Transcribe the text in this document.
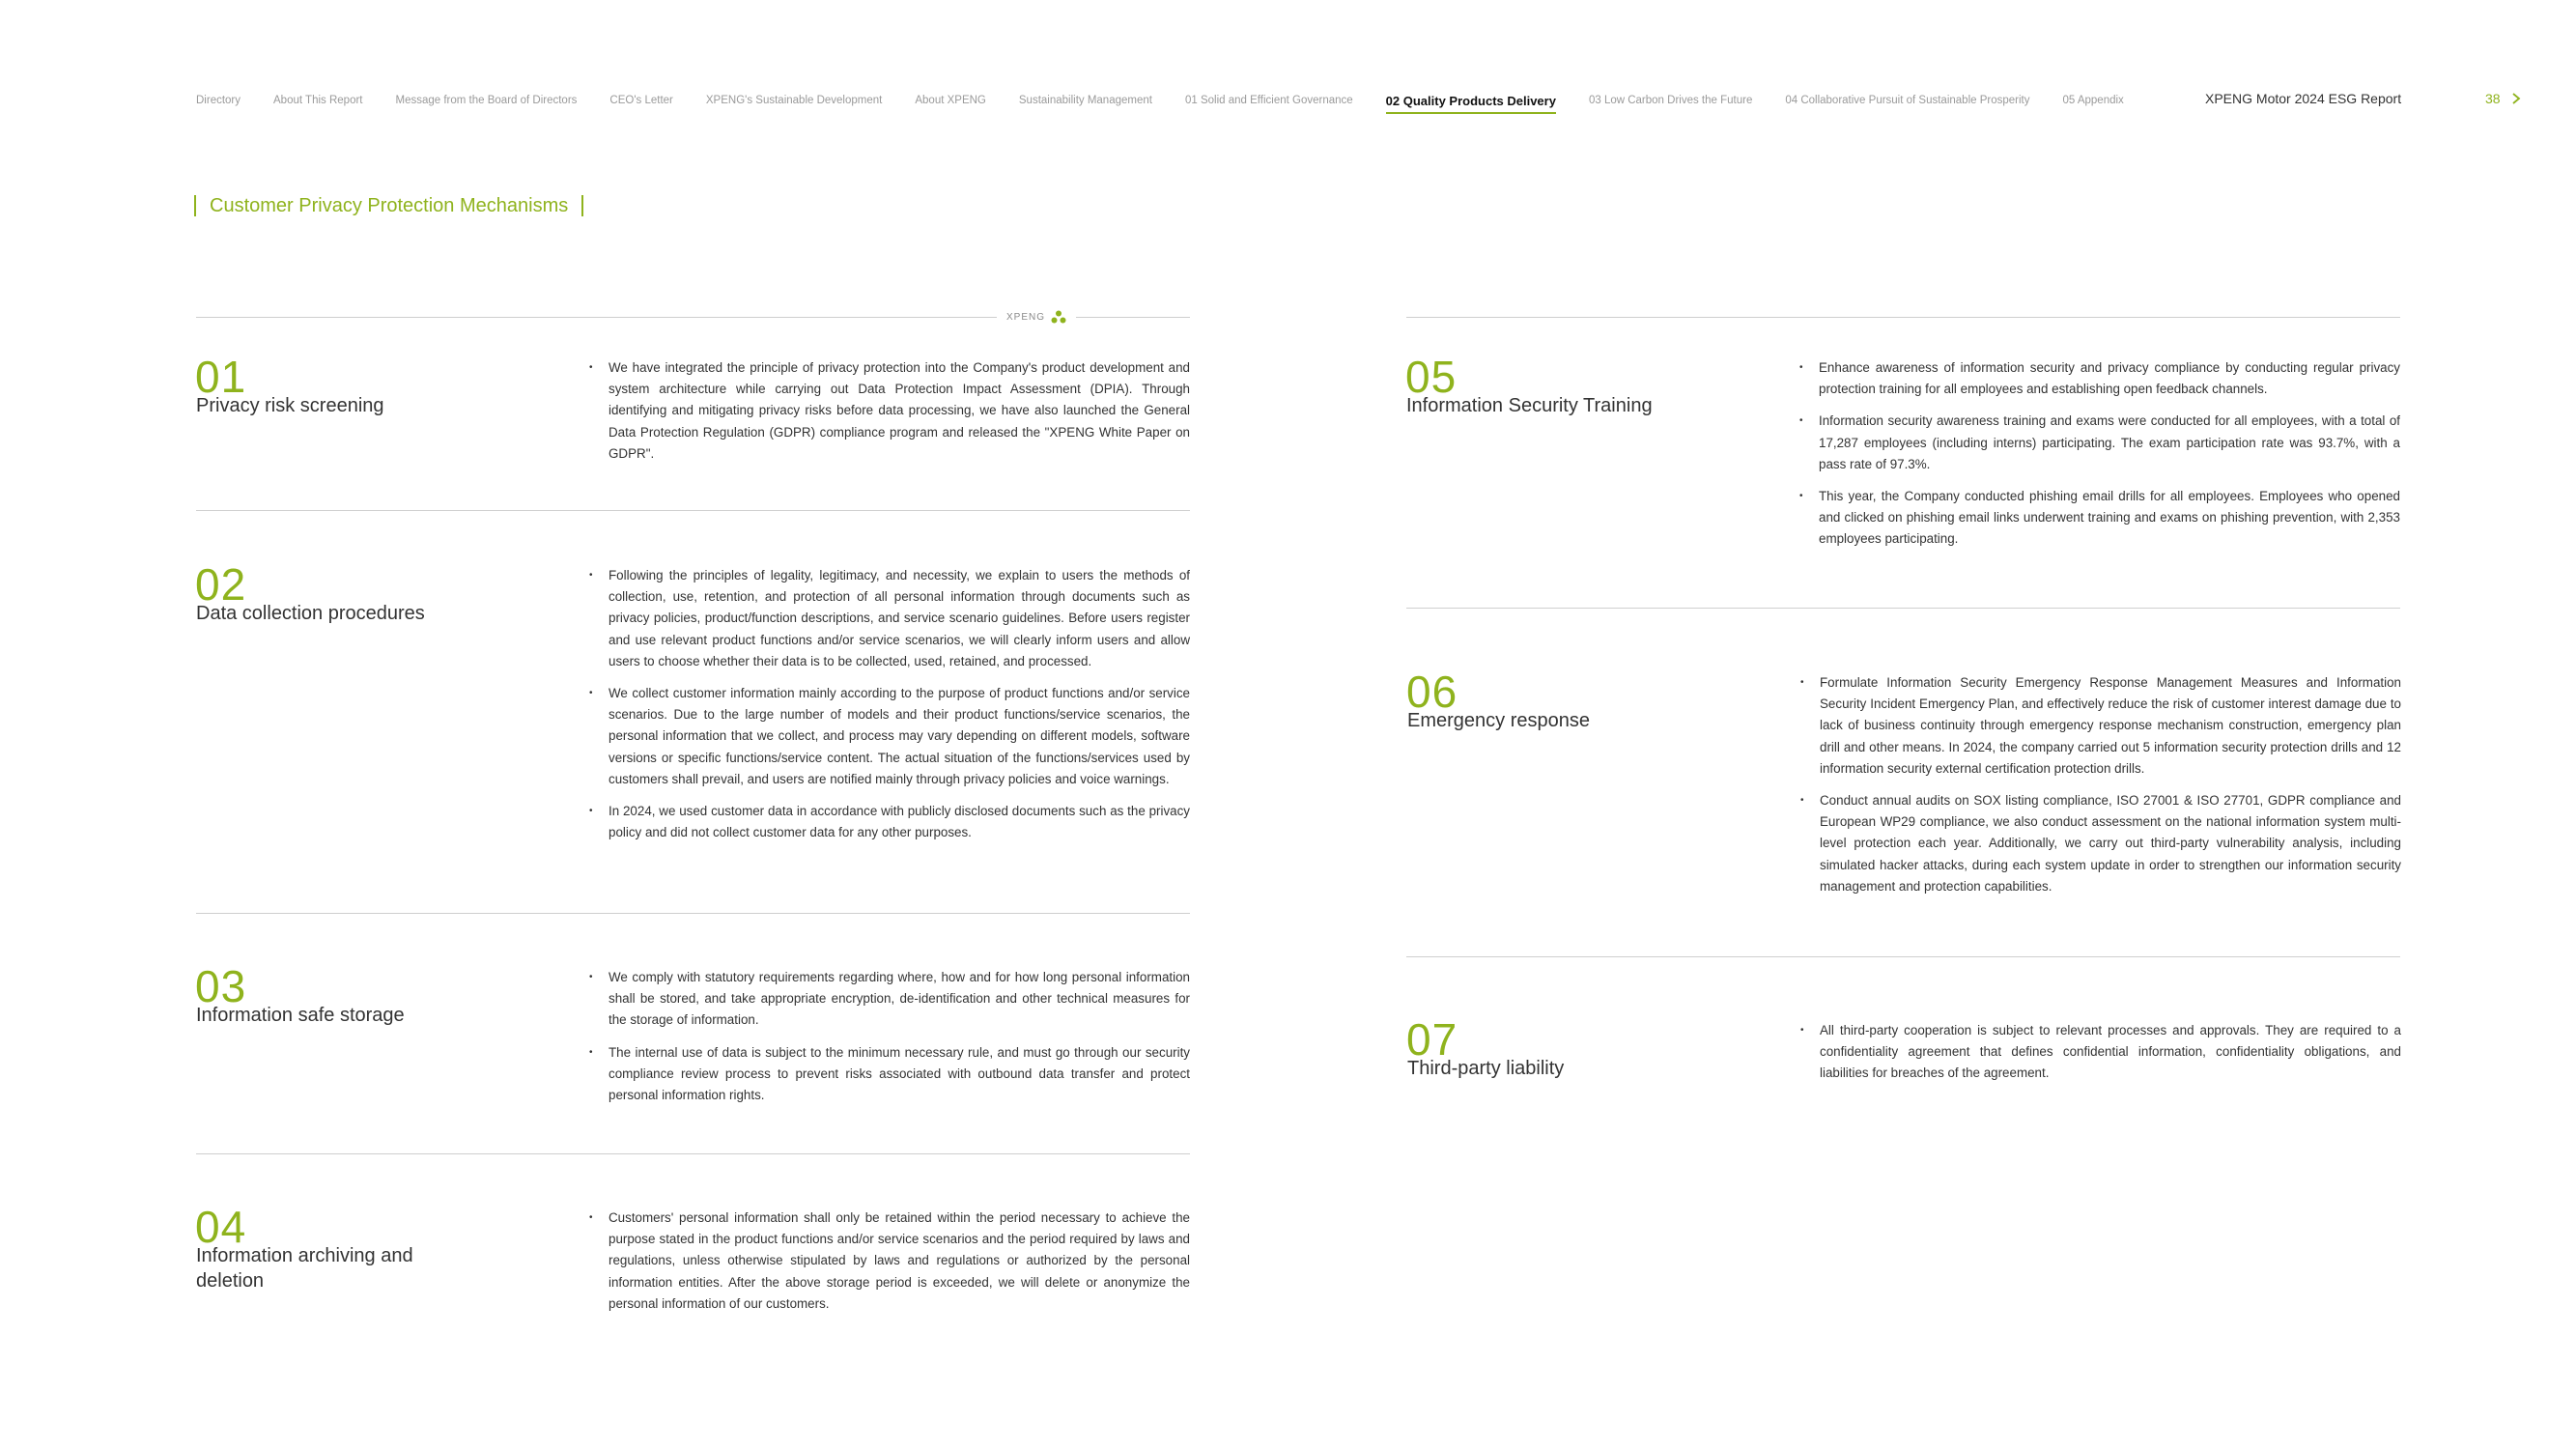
Directory	About This Report	Message from the Board of Directors	CEO's Letter	XPENG's Sustainable Development	About XPENG	Sustainability Management	01 Solid and Efficient Governance	02 Quality Products Delivery	03 Low Carbon Drives the Future	04 Collaborative Pursuit of Sustainable Prosperity	05 Appendix	XPENG Motor 2024 ESG Report	38
Customer Privacy Protection Mechanisms
XPENG
01
Privacy risk screening
• We have integrated the principle of privacy protection into the Company's product development and system architecture while carrying out Data Protection Impact Assessment (DPIA). Through identifying and mitigating privacy risks before data processing, we have also launched the General Data Protection Regulation (GDPR) compliance program and released the "XPENG White Paper on GDPR".
02
Data collection procedures
• Following the principles of legality, legitimacy, and necessity, we explain to users the methods of collection, use, retention, and protection of all personal information through documents such as privacy policies, product/function descriptions, and service scenario guidelines. Before users register and use relevant product functions and/or service scenarios, we will clearly inform users and allow users to choose whether their data is to be collected, used, retained, and processed.
• We collect customer information mainly according to the purpose of product functions and/or service scenarios. Due to the large number of models and their product functions/service scenarios, the personal information that we collect, and process may vary depending on different models, software versions or specific functions/service content. The actual situation of the functions/services used by customers shall prevail, and users are notified mainly through privacy policies and voice warnings.
• In 2024, we used customer data in accordance with publicly disclosed documents such as the privacy policy and did not collect customer data for any other purposes.
03
Information safe storage
• We comply with statutory requirements regarding where, how and for how long personal information shall be stored, and take appropriate encryption, de-identification and other technical measures for the storage of information.
• The internal use of data is subject to the minimum necessary rule, and must go through our security compliance review process to prevent risks associated with outbound data transfer and protect personal information rights.
04
Information archiving and deletion
• Customers' personal information shall only be retained within the period necessary to achieve the purpose stated in the product functions and/or service scenarios and the period required by laws and regulations, unless otherwise stipulated by laws and regulations or authorized by the personal information entities. After the above storage period is exceeded, we will delete or anonymize the personal information of our customers.
05
Information Security Training
• Enhance awareness of information security and privacy compliance by conducting regular privacy protection training for all employees and establishing open feedback channels.
• Information security awareness training and exams were conducted for all employees, with a total of 17,287 employees (including interns) participating. The exam participation rate was 93.7%, with a pass rate of 97.3%.
• This year, the Company conducted phishing email drills for all employees. Employees who opened and clicked on phishing email links underwent training and exams on phishing prevention, with 2,353 employees participating.
06
Emergency response
• Formulate Information Security Emergency Response Management Measures and Information Security Incident Emergency Plan, and effectively reduce the risk of customer interest damage due to lack of business continuity through emergency response mechanism construction, emergency plan drill and other means. In 2024, the company carried out 5 information security protection drills and 12 information security external certification protection drills.
• Conduct annual audits on SOX listing compliance, ISO 27001 & ISO 27701, GDPR compliance and European WP29 compliance, we also conduct assessment on the national information system multi-level protection each year. Additionally, we carry out third-party vulnerability analysis, including simulated hacker attacks, during each system update in order to strengthen our information security management and protection capabilities.
07
Third-party liability
• All third-party cooperation is subject to relevant processes and approvals. They are required to a confidentiality agreement that defines confidential information, confidentiality obligations, and liabilities for breaches of the agreement.
